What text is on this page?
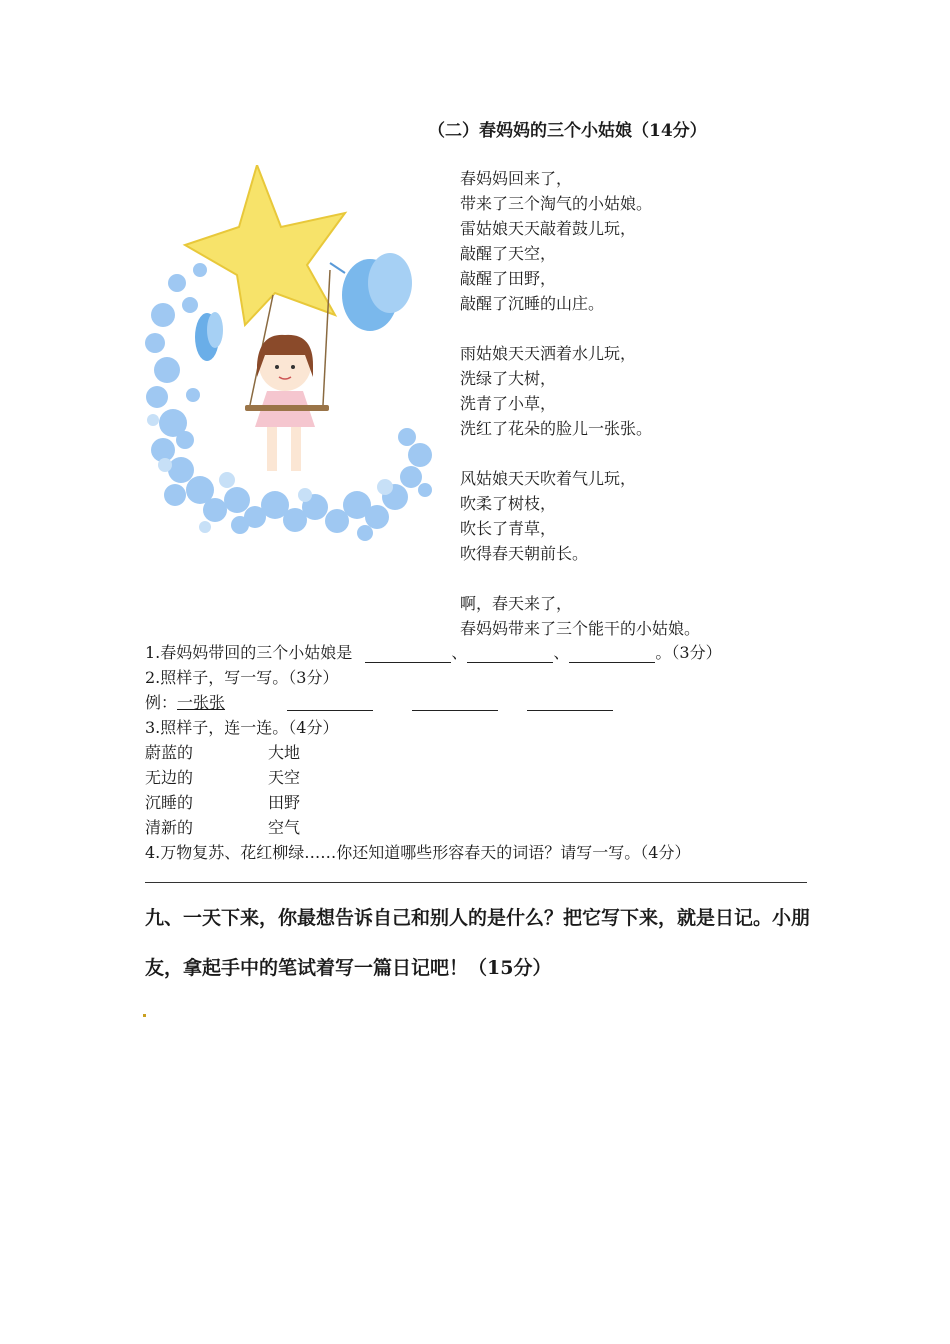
（二）春妈妈的三个小姑娘（14分）
春妈妈回来了，
带来了三个淘气的小姑娘。
雷姑娘天天敲着鼓儿玩，
敲醒了天空，
敲醒了田野，
敲醒了沉睡的山庄。
雨姑娘天天洒着水儿玩，
洗绿了大树，
洗青了小草，
洗红了花朵的脸儿一张张。
风姑娘天天吹着气儿玩，
吹柔了树枝，
吹长了青草，
吹得春天朝前长。
啊，春天来了，
春妈妈带来了三个能干的小姑娘。
1.春妈妈带回的三个小姑娘是	、	、	。（3分）
2.照样子，写一写。（3分）
例：一张张
3.照样子，连一连。（4分）
蔚蓝的	大地
无边的	天空
沉睡的	田野
清新的	空气
4.万物复苏、花红柳绿……你还知道哪些形容春天的词语？请写一写。（4分）
九、一天下来，你最想告诉自己和别人的是什么？把它写下来，就是日记。小朋友，拿起手中的笔试着写一篇日记吧！（15分）
